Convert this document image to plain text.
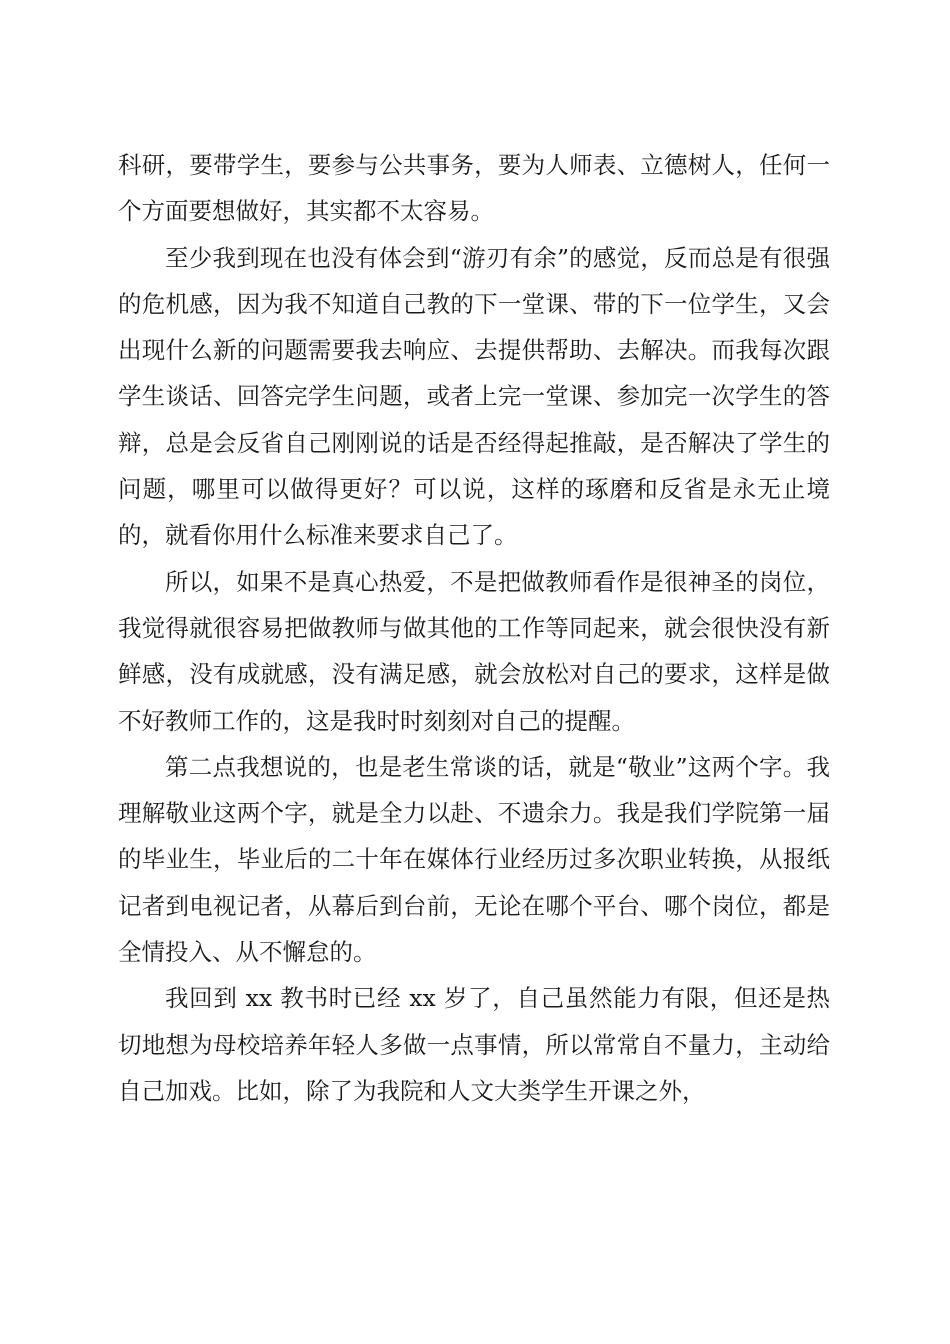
科研，要带学生，要参与公共事务，要为人师表、立德树人，任何一个方面要想做好，其实都不太容易。

至少我到现在也没有体会到“游刃有余”的感觉，反而总是有很强的危机感，因为我不知道自己教的下一堂课、带的下一位学生，又会出现什么新的问题需要我去响应、去提供帮助、去解决。而我每次跟学生谈话、回答完学生问题，或者上完一堂课、参加完一次学生的答辩，总是会反省自己刚刚说的话是否经得起推敲，是否解决了学生的问题，哪里可以做得更好？可以说，这样的琢磨和反省是永无止境的，就看你用什么标准来要求自己了。

所以，如果不是真心热爱，不是把做教师看作是很神圣的岗位，我觉得就很容易把做教师与做其他的工作等同起来，就会很快没有新鲜感，没有成就感，没有满足感，就会放松对自己的要求，这样是做不好教师工作的，这是我时时刻刻对自己的提醒。

第二点我想说的，也是老生常谈的话，就是“敬业”这两个字。我理解敬业这两个字，就是全力以赴、不遗余力。我是我们学院第一届的毕业生，毕业后的二十年在媒体行业经历过多次职业转换，从报纸记者到电视记者，从幕后到台前，无论在哪个平台、哪个岗位，都是全情投入、从不懈怠的。

我回到 xx 教书时已经 xx 岁了，自己虽然能力有限，但还是热切地想为母校培养年轻人多做一点事情，所以常常自不量力，主动给自己加戏。比如，除了为我院和人文大类学生开课之外，
